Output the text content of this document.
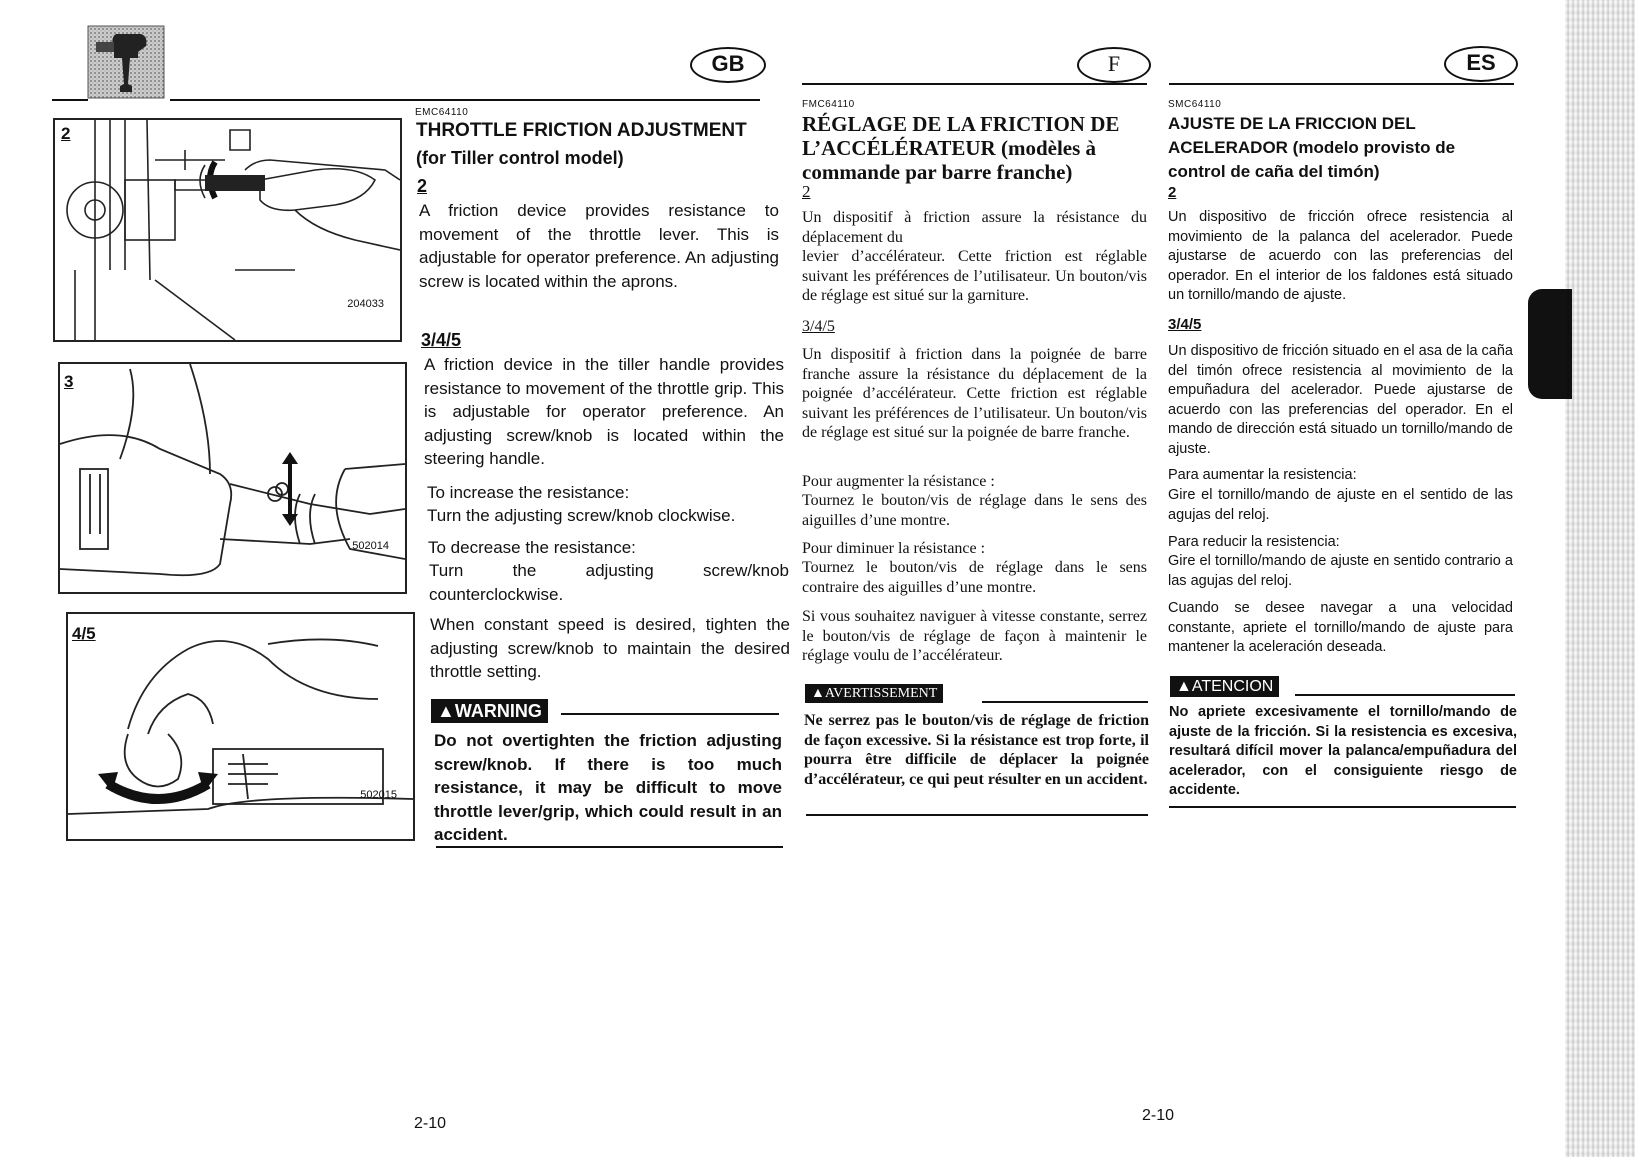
GB	F	ES
2
204033
3
502014
4/5
502015
EMC64110
THROTTLE FRICTION ADJUSTMENT
(for Tiller control model)
2
A friction device provides resistance to movement of the throttle lever. This is adjustable for operator preference. An adjusting screw is located within the aprons.
3/4/5
A friction device in the tiller handle provides resistance to movement of the throttle grip. This is adjustable for operator preference. An adjusting screw/knob is located within the steering handle.
To increase the resistance:
Turn the adjusting screw/knob clockwise.
To decrease the resistance:
Turn the adjusting screw/knob counterclockwise.
When constant speed is desired, tighten the adjusting screw/knob to maintain the desired throttle setting.
▲WARNING
Do not overtighten the friction adjusting screw/knob. If there is too much resistance, it may be difficult to move throttle lever/grip, which could result in an accident.
FMC64110
RÉGLAGE DE LA FRICTION DE
L’ACCÉLÉRATEUR (modèles à
commande par barre franche)
2
Un dispositif à friction assure la résistance du déplacement du
levier d’accélérateur. Cette friction est réglable suivant les préférences de l’utilisateur. Un bouton/vis de réglage est situé sur la garniture.
3/4/5
Un dispositif à friction dans la poignée de barre franche assure la résistance du déplacement de la poignée d’accélérateur. Cette friction est réglable suivant les préférences de l’utilisateur. Un bouton/vis de réglage est situé sur la poignée de barre franche.
Pour augmenter la résistance :
Tournez le bouton/vis de réglage dans le sens des aiguilles d’une montre.
Pour diminuer la résistance :
Tournez le bouton/vis de réglage dans le sens contraire des aiguilles d’une montre.
Si vous souhaitez naviguer à vitesse constante, serrez le bouton/vis de réglage de façon à maintenir le réglage voulu de l’accélérateur.
▲AVERTISSEMENT
Ne serrez pas le bouton/vis de réglage de friction de façon excessive. Si la résistance est trop forte, il pourra être difficile de déplacer la poignée d’accélérateur, ce qui peut résulter en un accident.
SMC64110
AJUSTE DE LA FRICCION DEL
ACELERADOR (modelo provisto de
control de caña del timón)
2
Un dispositivo de fricción ofrece resistencia al movimiento de la palanca del acelerador. Puede ajustarse de acuerdo con las preferencias del operador. En el interior de los faldones está situado un tornillo/mando de ajuste.
3/4/5
Un dispositivo de fricción situado en el asa de la caña del timón ofrece resistencia al movimiento de la empuñadura del acelerador. Puede ajustarse de acuerdo con las preferencias del operador. En el mando de dirección está situado un tornillo/mando de ajuste.
Para aumentar la resistencia:
Gire el tornillo/mando de ajuste en el sentido de las agujas del reloj.
Para reducir la resistencia:
Gire el tornillo/mando de ajuste en sentido contrario a las agujas del reloj.
Cuando se desee navegar a una velocidad constante, apriete el tornillo/mando de ajuste para mantener la aceleración deseada.
▲ATENCION
No apriete excesivamente el tornillo/mando de ajuste de la fricción. Si la resistencia es excesiva, resultará difícil mover la palanca/empuñadura del acelerador, con el consiguiente riesgo de accidente.
2-10	2-10
